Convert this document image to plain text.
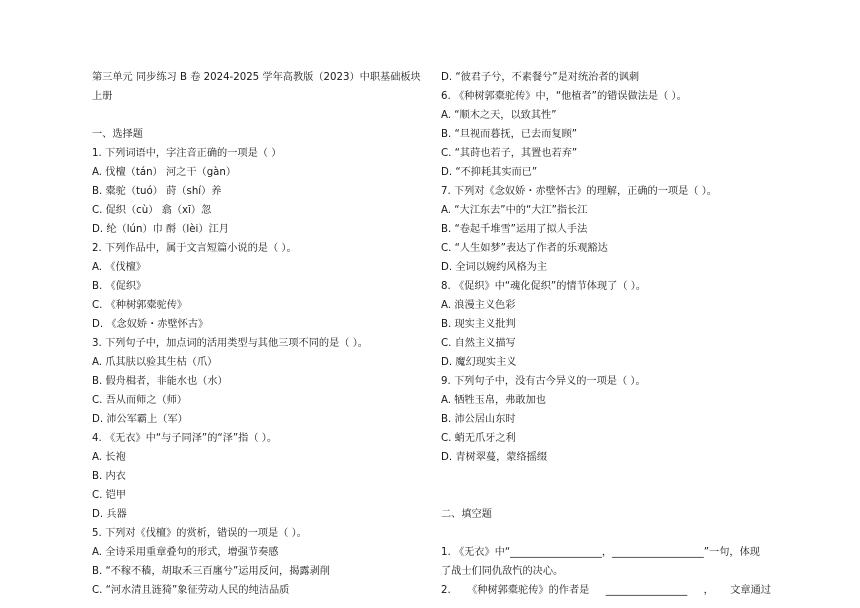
第三单元 同步练习 B 卷 2024-2025 学年高教版（2023）中职基础板块上册
一、选择题
1. 下列词语中，字注音正确的一项是（ ）
A. 伐檀（tán） 河之干（gàn）
B. 橐驼（tuó） 莳（shí）养
C. 促织（cù） 翕（xī）忽
D. 纶（lún）巾 酹（lèi）江月
2. 下列作品中，属于文言短篇小说的是（ ）。
A. 《伐檀》
B. 《促织》
C. 《种树郭橐驼传》
D. 《念奴娇・赤壁怀古》
3. 下列句子中，加点词的活用类型与其他三项不同的是（ ）。
A. 爪其肤以验其生枯（爪）
B. 假舟楫者，非能水也（水）
C. 吾从而师之（师）
D. 沛公军霸上（军）
4. 《无衣》中“与子同泽”的“泽”指（ ）。
A. 长袍
B. 内衣
C. 铠甲
D. 兵器
5. 下列对《伐檀》的赏析，错误的一项是（ ）。
A. 全诗采用重章叠句的形式，增强节奏感
B. “不稼不穑，胡取禾三百廛兮”运用反问，揭露剥削
C. “河水清且涟猗”象征劳动人民的纯洁品质
D. “彼君子兮，不素餐兮”是对统治者的讽刺
6. 《种树郭橐驼传》中，“他植者”的错误做法是（ ）。
A. “顺木之天，以致其性”
B. “旦视而暮抚，已去而复顾”
C. “其莳也若子，其置也若弃”
D. “不抑耗其实而已”
7. 下列对《念奴娇・赤壁怀古》的理解，正确的一项是（ ）。
A. “大江东去”中的“大江”指长江
B. “卷起千堆雪”运用了拟人手法
C. “人生如梦”表达了作者的乐观豁达
D. 全词以婉约风格为主
8. 《促织》中“魂化促织”的情节体现了（ ）。
A. 浪漫主义色彩
B. 现实主义批判
C. 自然主义描写
D. 魔幻现实主义
9. 下列句子中，没有古今异义的一项是（ ）。
A. 牺牲玉帛，弗敢加也
B. 沛公居山东时
C. 蛸无爪牙之利
D. 青树翠蔓，蒙络摇缀
二、填空题
1. 《无衣》中“__________________，__________________”一句，体现
了战士们同仇敌忾的决心。
2. 《种树郭橐驼传》的作者是 ________________ ， 文章通过
